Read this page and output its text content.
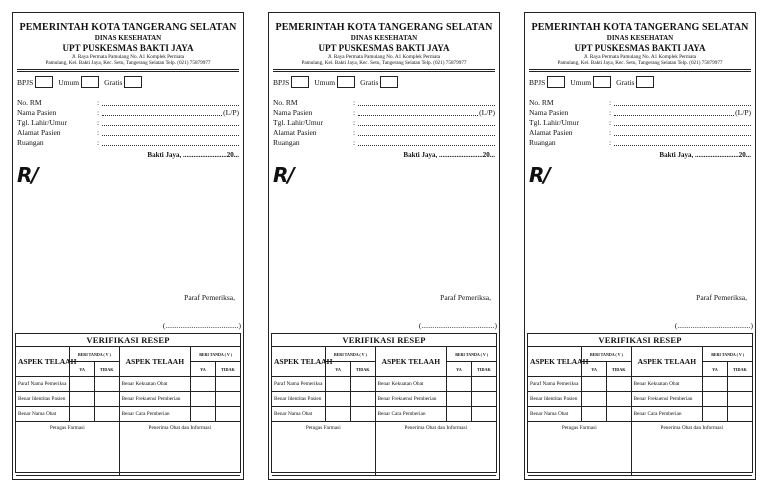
PEMERINTAH KOTA TANGERANG SELATAN
DINAS KESEHATAN
UPT PUSKESMAS BAKTI JAYA
Jl. Raya Permata Pamulang No. A1 Komplek Permata
Pamulang, Kel. Bakti Jaya, Kec. Setu, Tangerang Selatan Telp. (021) 75879977
BPJS	Umum	Gratis
No. RM	:
Nama Pasien	:	(L/P)
Tgl. Lahir/Umur	:
Alamat Pasien	:
Ruangan	:
Bakti Jaya, .........................20...
R/
Paraf Pemeriksa,
(.......................................)
VERIFIKASI RESEP
ASPEK TELAAH	BERI TANDA ( V )		ASPEK TELAAH	BERI TANDA ( V )	
	YA	TIDAK		YA	TIDAK
Paraf Nama Pemeriksa			Benar Kekuatan Obat		
Benar Identitas Pasien			Benar Frekuensi Pemberian		
Benar Nama Obat			Benar Cara Pemberian		
Petugas Farmasi			Penerima Obat dan Informasi		
PEMERINTAH KOTA TANGERANG SELATAN
DINAS KESEHATAN
UPT PUSKESMAS BAKTI JAYA
Jl. Raya Permata Pamulang No. A1 Komplek Permata
Pamulang, Kel. Bakti Jaya, Kec. Setu, Tangerang Selatan Telp. (021) 75879977
BPJS	Umum	Gratis
No. RM	:
Nama Pasien	:	(L/P)
Tgl. Lahir/Umur	:
Alamat Pasien	:
Ruangan	:
Bakti Jaya, .........................20...
R/
Paraf Pemeriksa,
(.......................................)
VERIFIKASI RESEP
ASPEK TELAAH	BERI TANDA ( V )		ASPEK TELAAH	BERI TANDA ( V )	
	YA	TIDAK		YA	TIDAK
Paraf Nama Pemeriksa			Benar Kekuatan Obat		
Benar Identitas Pasien			Benar Frekuensi Pemberian		
Benar Nama Obat			Benar Cara Pemberian		
Petugas Farmasi			Penerima Obat dan Informasi		
PEMERINTAH KOTA TANGERANG SELATAN
DINAS KESEHATAN
UPT PUSKESMAS BAKTI JAYA
Jl. Raya Permata Pamulang No. A1 Komplek Permata
Pamulang, Kel. Bakti Jaya, Kec. Setu, Tangerang Selatan Telp. (021) 75879977
BPJS	Umum	Gratis
No. RM	:
Nama Pasien	:	(L/P)
Tgl. Lahir/Umur	:
Alamat Pasien	:
Ruangan	:
Bakti Jaya, .........................20...
R/
Paraf Pemeriksa,
(.......................................)
VERIFIKASI RESEP
ASPEK TELAAH	BERI TANDA ( V )		ASPEK TELAAH	BERI TANDA ( V )	
	YA	TIDAK		YA	TIDAK
Paraf Nama Pemeriksa			Benar Kekuatan Obat		
Benar Identitas Pasien			Benar Frekuensi Pemberian		
Benar Nama Obat			Benar Cara Pemberian		
Petugas Farmasi			Penerima Obat dan Informasi		
